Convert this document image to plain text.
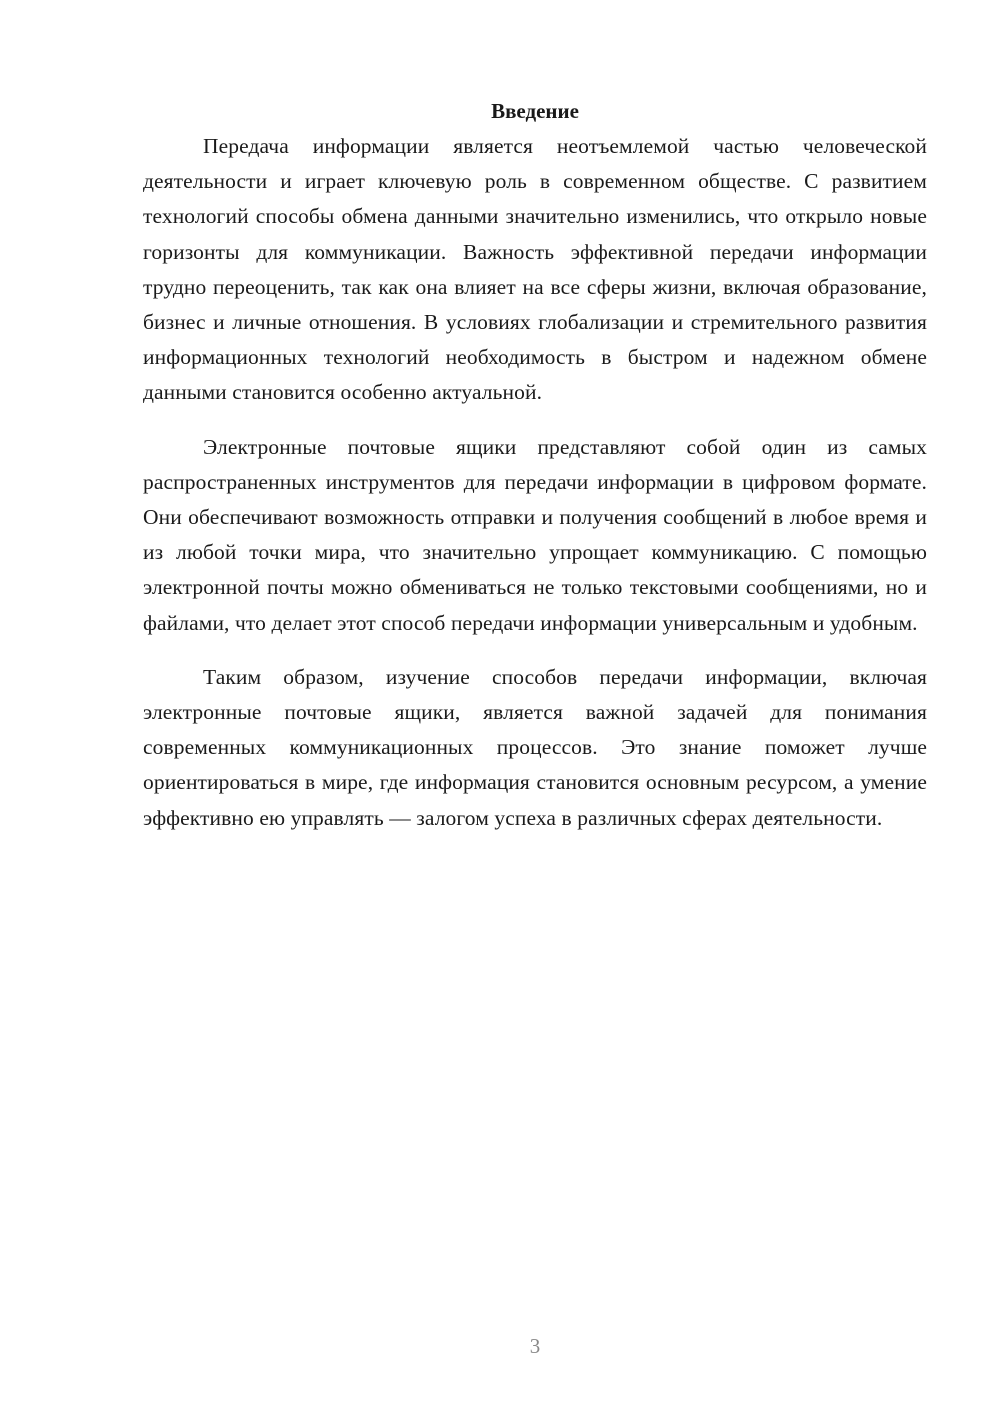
Введение

Передача информации является неотъемлемой частью человеческой деятельности и играет ключевую роль в современном обществе. С развитием технологий способы обмена данными значительно изменились, что открыло новые горизонты для коммуникации. Важность эффективной передачи информации трудно переоценить, так как она влияет на все сферы жизни, включая образование, бизнес и личные отношения. В условиях глобализации и стремительного развития информационных технологий необходимость в быстром и надежном обмене данными становится особенно актуальной.

Электронные почтовые ящики представляют собой один из самых распространенных инструментов для передачи информации в цифровом формате. Они обеспечивают возможность отправки и получения сообщений в любое время и из любой точки мира, что значительно упрощает коммуникацию. С помощью электронной почты можно обмениваться не только текстовыми сообщениями, но и файлами, что делает этот способ передачи информации универсальным и удобным.

Таким образом, изучение способов передачи информации, включая электронные почтовые ящики, является важной задачей для понимания современных коммуникационных процессов. Это знание поможет лучше ориентироваться в мире, где информация становится основным ресурсом, а умение эффективно ею управлять — залогом успеха в различных сферах деятельности.

3
